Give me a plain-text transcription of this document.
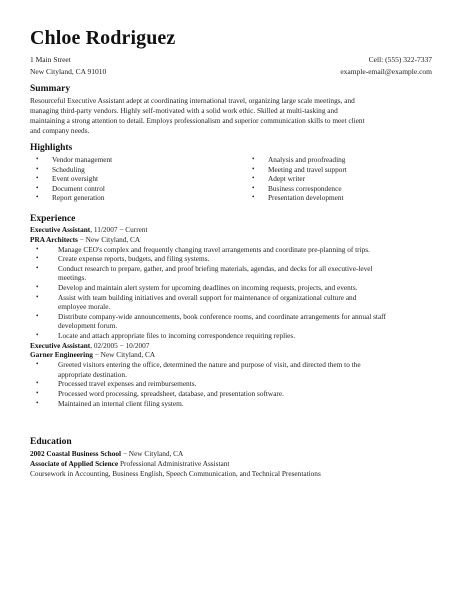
Chloe Rodriguez
1 Main Street	Cell: (555) 322-7337
New Cityland, CA 91010	example-email@example.com
Summary

Resourceful Executive Assistant adept at coordinating international travel, organizing large scale meetings, and

managing third-party vendors. Highly self-motivated with a solid work ethic. Skilled at multi-tasking and

maintaining a strong attention to detail. Employs professionalism and superior communication skills to meet client

and company needs.

Highlights
• Vendor management
• Scheduling
• Event oversight
• Document control
• Report generation
• Analysis and proofreading
• Meeting and travel support
• Adept writer
• Business correspondence
• Presentation development
Experience

Executive Assistant, 11/2007 − Current

PRA Architects − New Cityland, CA

•	Manage CEO's complex and frequently changing travel arrangements and coordinate pre-planning of trips.
•	Create expense reports, budgets, and filing systems.
•	Conduct research to prepare, gather, and proof briefing materials, agendas, and decks for all executive-level
meetings.
•	Develop and maintain alert system for upcoming deadlines on incoming requests, projects, and events.
•	Assist with team building initiatives and overall support for maintenance of organizational culture and
employee morale.
•	Distribute company-wide announcements, book conference rooms, and coordinate arrangements for annual staff
development forum.
•	Locate and attach appropriate files to incoming correspondence requiring replies.

Executive Assistant, 02/2005 − 10/2007

Garner Engineering − New Cityland, CA

•	Greeted visitors entering the office, determined the nature and purpose of visit, and directed them to the
appropriate destination.
•	Processed travel expenses and reimbursements.
•	Processed word processing, spreadsheet, database, and presentation software.
•	Maintained an internal client filing system.
Education

2002 Coastal Business School − New Cityland, CA

Associate of Applied Science Professional Administrative Assistant

Coursework in Accounting, Business English, Speech Communication, and Technical Presentations
